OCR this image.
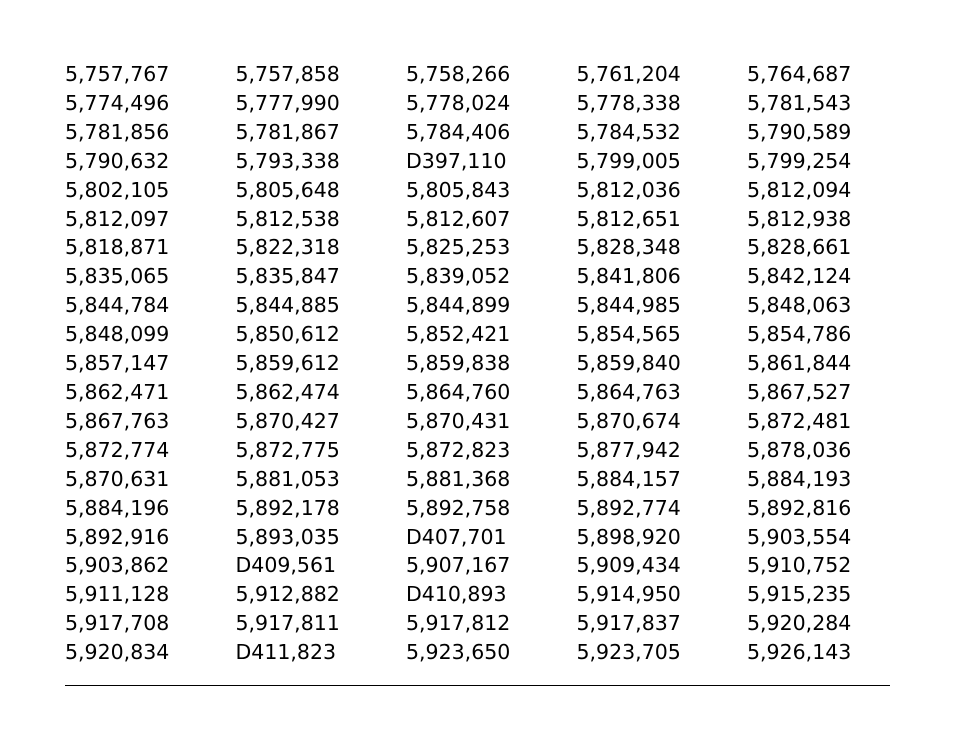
5,757,767	5,757,858	5,758,266	5,761,204	5,764,687
5,774,496	5,777,990	5,778,024	5,778,338	5,781,543
5,781,856	5,781,867	5,784,406	5,784,532	5,790,589
5,790,632	5,793,338	D397,110	5,799,005	5,799,254
5,802,105	5,805,648	5,805,843	5,812,036	5,812,094
5,812,097	5,812,538	5,812,607	5,812,651	5,812,938
5,818,871	5,822,318	5,825,253	5,828,348	5,828,661
5,835,065	5,835,847	5,839,052	5,841,806	5,842,124
5,844,784	5,844,885	5,844,899	5,844,985	5,848,063
5,848,099	5,850,612	5,852,421	5,854,565	5,854,786
5,857,147	5,859,612	5,859,838	5,859,840	5,861,844
5,862,471	5,862,474	5,864,760	5,864,763	5,867,527
5,867,763	5,870,427	5,870,431	5,870,674	5,872,481
5,872,774	5,872,775	5,872,823	5,877,942	5,878,036
5,870,631	5,881,053	5,881,368	5,884,157	5,884,193
5,884,196	5,892,178	5,892,758	5,892,774	5,892,816
5,892,916	5,893,035	D407,701	5,898,920	5,903,554
5,903,862	D409,561	5,907,167	5,909,434	5,910,752
5,911,128	5,912,882	D410,893	5,914,950	5,915,235
5,917,708	5,917,811	5,917,812	5,917,837	5,920,284
5,920,834	D411,823	5,923,650	5,923,705	5,926,143
